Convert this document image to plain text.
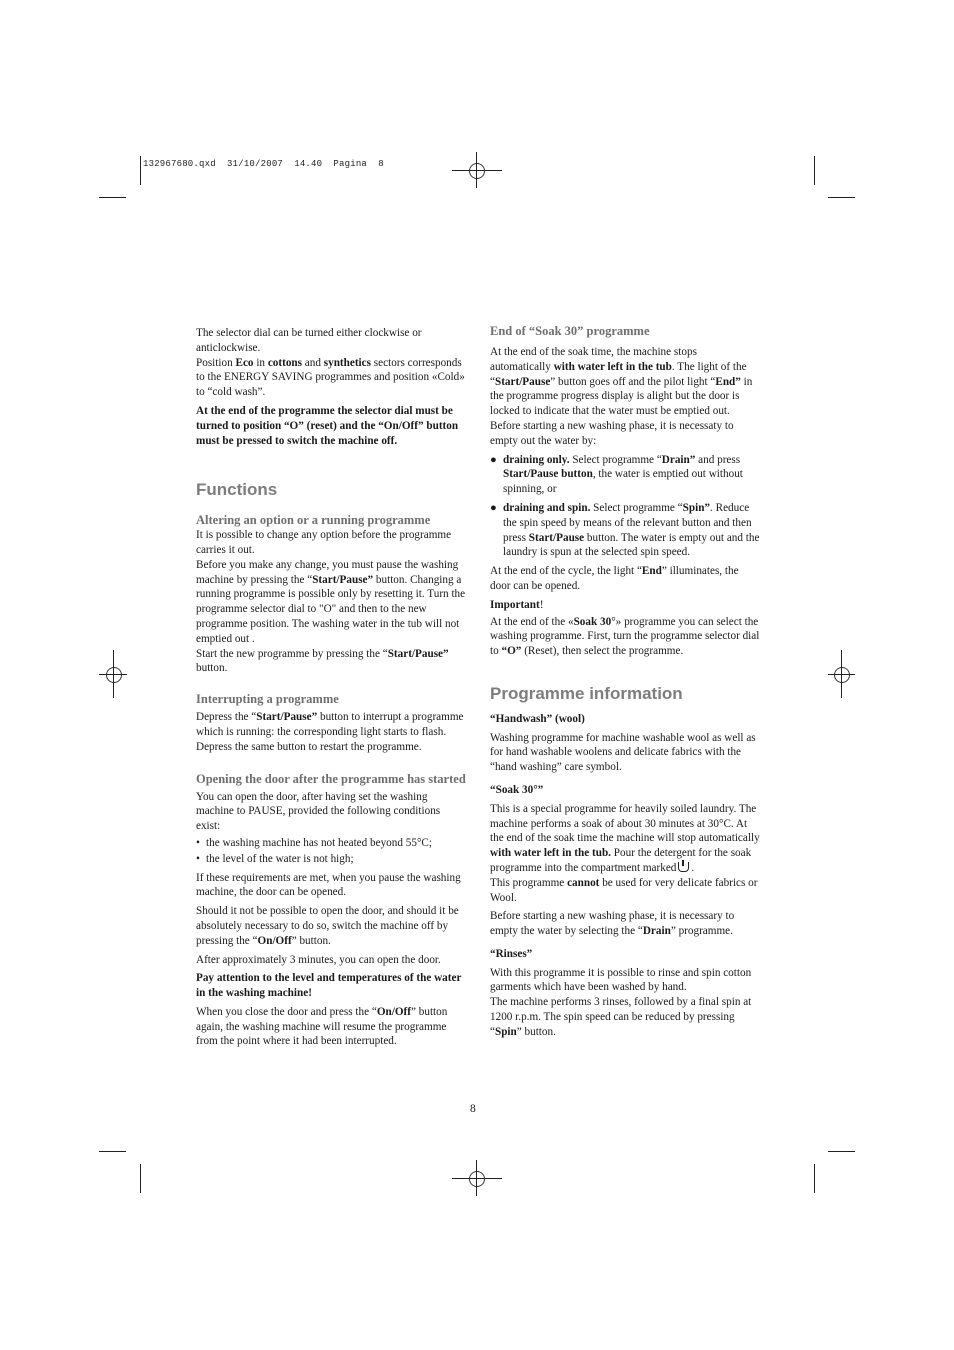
132967680.qxd  31/10/2007  14.40  Pagina  8

The selector dial can be turned either clockwise or anticlockwise.

Position Eco in cottons and synthetics sectors corresponds to the ENERGY SAVING programmes and position «Cold» to “cold wash”.

At the end of the programme the selector dial must be turned to position “O” (reset) and the “On/Off” button must be pressed to switch the machine off.

Functions
Altering an option or a running programme

It is possible to change any option before the programme carries it out.

Before you make any change, you must pause the washing machine by pressing the “Start/Pause” button. Changing a running programme is possible only by resetting it. Turn the programme selector dial to "O" and then to the new programme position. The washing water in the tub will not emptied out .

Start the new programme by pressing the “Start/Pause” button.

Interrupting a programme

Depress the “Start/Pause” button to interrupt a programme which is running: the corresponding light starts to flash.

Depress the same button to restart the programme.

Opening the door after the programme has started

You can open the door, after having set the washing machine to PAUSE, provided the following conditions exist:

• the washing machine has not heated beyond 55°C;
• the level of the water is not high;

If these requirements are met, when you pause the washing machine, the door can be opened.

Should it not be possible to open the door, and should it be absolutely necessary to do so, switch the machine off by pressing the “On/Off” button.

After approximately 3 minutes, you can open the door.

Pay attention to the level and temperatures of the water in the washing machine!

When you close the door and press the “On/Off” button again, the washing machine will resume the programme from the point where it had been interrupted.

End of “Soak 30” programme

At the end of the soak time, the machine stops automatically with water left in the tub. The light of the “Start/Pause” button goes off and the pilot light “End” in the programme progress display is alight but the door is locked to indicate that the water must be emptied out.

Before starting a new washing phase, it is necessaty to empty out the water by:

● draining only. Select programme “Drain” and press Start/Pause button, the water is emptied out without spinning, or
● draining and spin. Select programme “Spin”. Reduce the spin speed by means of the relevant button and then press Start/Pause button. The water is empty out and the laundry is spun at the selected spin speed.

At the end of the cycle, the light “End” illuminates, the door can be opened.

Important!

At the end of the «Soak 30°» programme you can select the washing programme. First, turn the programme selector dial to “O” (Reset), then select the programme.

Programme information

“Handwash” (wool)

Washing programme for machine washable wool as well as for hand washable woolens and delicate fabrics with the “hand washing” care symbol.

“Soak 30°”

This is a special programme for heavily soiled laundry. The machine performs a soak of about 30 minutes at 30°C. At the end of the soak time the machine will stop automatically with water left in the tub. Pour the detergent for the soak programme into the compartment marked .

This programme cannot be used for very delicate fabrics or Wool.

Before starting a new washing phase, it is necessary to empty the water by selecting the “Drain” programme.

“Rinses”

With this programme it is possible to rinse and spin cotton garments which have been washed by hand.

The machine performs 3 rinses, followed by a final spin at 1200 r.p.m. The spin speed can be reduced by pressing “Spin” button.

8
